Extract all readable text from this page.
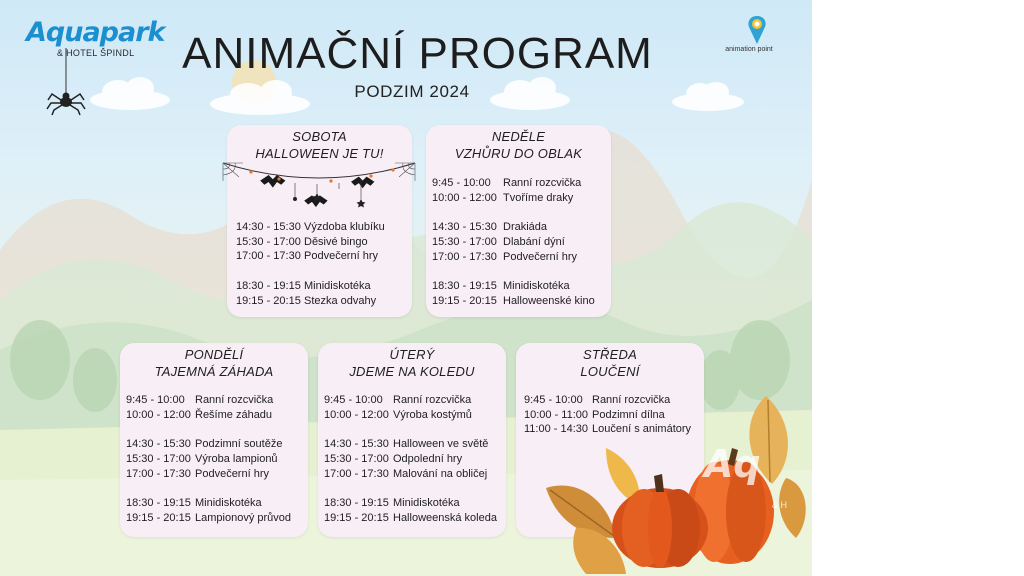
Aquapark
& HOTEL ŠPINDL	ANIMAČNÍ PROGRAM
PODZIM 2024
animation point
SOBOTA
HALLOWEEN JE TU!
14:30 - 15:30 Výzdoba klubíku
15:30 - 17:00 Děsivé bingo
17:00 - 17:30 Podvečerní hry
18:30 - 19:15 Minidiskotéka
19:15 - 20:15 Stezka odvahy
NEDĚLE
VZHŮRU DO OBLAK
9:45 - 10:00	Ranní rozcvička
10:00 - 12:00 Tvoříme draky
14:30 - 15:30 Drakiáda
15:30 - 17:00 Dlabání dýní
17:00 - 17:30 Podvečerní hry
18:30 - 19:15 Minidiskotéka
19:15 - 20:15 Halloweenské kino
PONDĚLÍ
TAJEMNÁ ZÁHADA
9:45 - 10:00 Ranní rozcvička
10:00 - 12:00 Řešíme záhadu
14:30 - 15:30 Podzimní soutěže
15:30 - 17:00 Výroba lampionů
17:00 - 17:30 Podvečerní hry
18:30 - 19:15 Minidiskotéka
19:15 - 20:15 Lampionový průvod
ÚTERÝ
JDEME NA KOLEDU
9:45 - 10:00 Ranní rozcvička
10:00 - 12:00 Výroba kostýmů
14:30 - 15:30 Halloween ve světě
15:30 - 17:00 Odpolední hry
17:00 - 17:30 Malování na obličej
18:30 - 19:15 Minidiskotéka
19:15 - 20:15 Halloweenská koleda
STŘEDA
LOUČENÍ
9:45 - 10:00 Ranní rozcvička
10:00 - 11:00 Podzimní dílna
11:00 - 14:30 Loučení s animátory
Aq
& H
